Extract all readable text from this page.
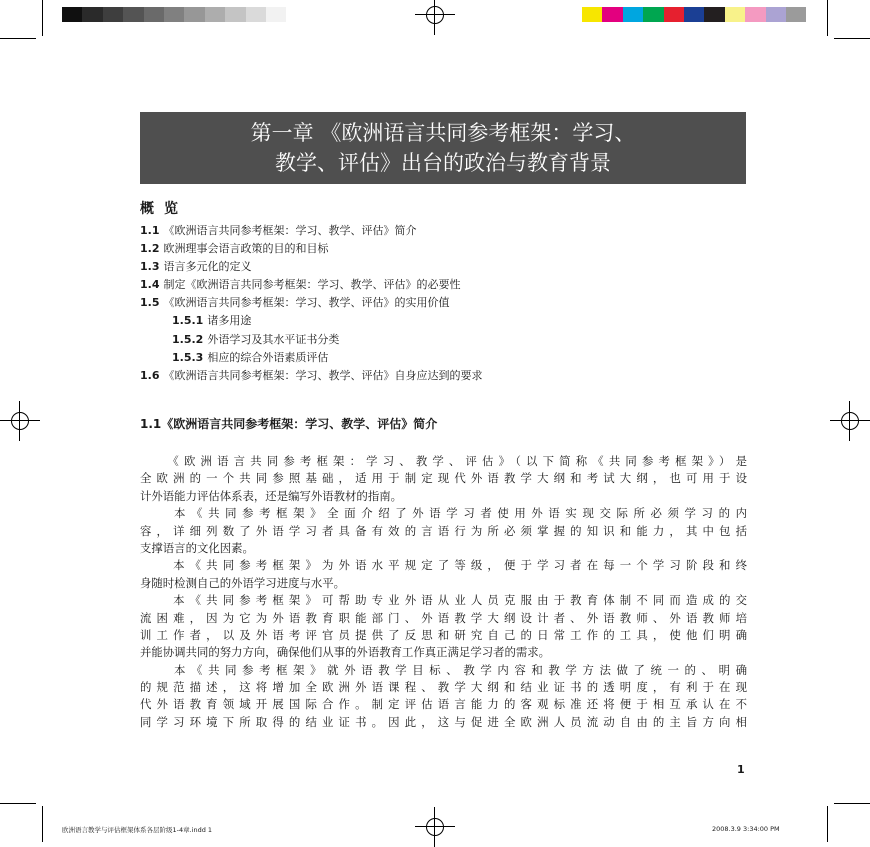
第一章 《欧洲语言共同参考框架：学习、
教学、评估》出台的政治与教育背景
概览
1.1 《欧洲语言共同参考框架：学习、教学、评估》简介
1.2 欧洲理事会语言政策的目的和目标
1.3 语言多元化的定义
1.4 制定《欧洲语言共同参考框架：学习、教学、评估》的必要性
1.5 《欧洲语言共同参考框架：学习、教学、评估》的实用价值
1.5.1 诸多用途
1.5.2 外语学习及其水平证书分类
1.5.3 相应的综合外语素质评估
1.6 《欧洲语言共同参考框架：学习、教学、评估》自身应达到的要求
1.1《欧洲语言共同参考框架：学习、教学、评估》简介
　　《欧洲语言共同参考框架：学习、教学、评估》（以下简称《共同参考框架》）是
全欧洲的一个共同参照基础，适用于制定现代外语教学大纲和考试大纲，也可用于设
计外语能力评估体系表，还是编写外语教材的指南。
　　本《共同参考框架》全面介绍了外语学习者使用外语实现交际所必须学习的内
容，详细列数了外语学习者具备有效的言语行为所必须掌握的知识和能力，其中包括
支撑语言的文化因素。
　　本《共同参考框架》为外语水平规定了等级，便于学习者在每一个学习阶段和终
身随时检测自己的外语学习进度与水平。
　　本《共同参考框架》可帮助专业外语从业人员克服由于教育体制不同而造成的交
流困难，因为它为外语教育职能部门、外语教学大纲设计者、外语教师、外语教师培
训工作者，以及外语考评官员提供了反思和研究自己的日常工作的工具，使他们明确
并能协调共同的努力方向，确保他们从事的外语教育工作真正满足学习者的需求。
　　本《共同参考框架》就外语教学目标、教学内容和教学方法做了统一的、明确
的规范描述，这将增加全欧洲外语课程、教学大纲和结业证书的透明度，有利于在现
代外语教育领域开展国际合作。制定评估语言能力的客观标准还将便于相互承认在不
同学习环境下所取得的结业证书。因此，这与促进全欧洲人员流动自由的主旨方向相
1
欧洲语言教学与评估框架体系各层阶级1-4章.indd 1	2008.3.9 3:34:00 PM
